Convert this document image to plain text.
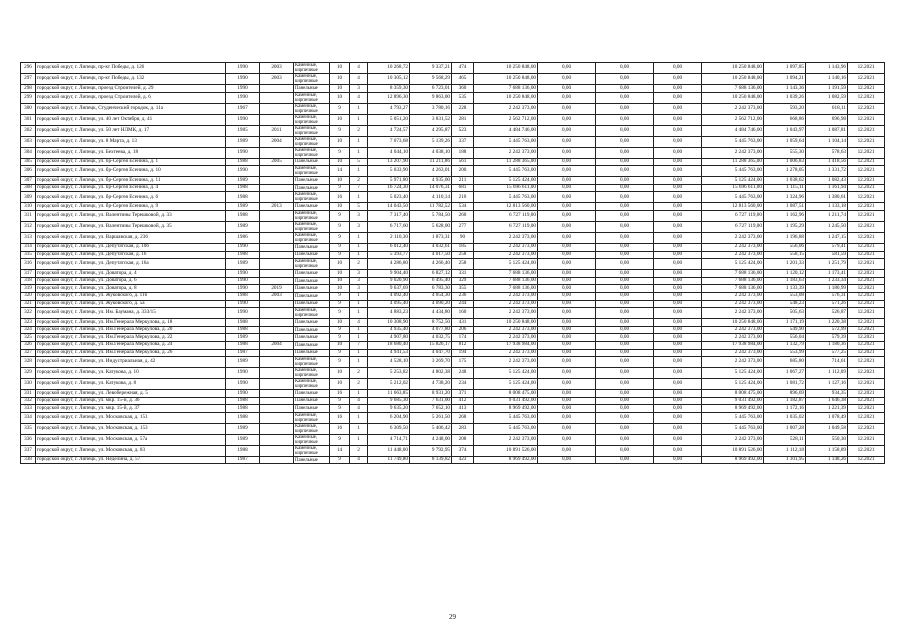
296	городской округ, г. Липецк, пр-кт Победы, д. 126	1990	2003	Каменные, кирпичные	10	4	10 268,72	9 337,21	474	10 250 848,00	0,00	0,00	0,00	10 250 848,00	1 097,85	1 143,96	12.2021
297	городской округ, г. Липецк, пр-кт Победы, д. 132	1990	2003	Каменные, кирпичные	10	4	10 305,12	9 568,29	465	10 250 848,00	0,00	0,00	0,00	10 250 848,00	1 094,21	1 140,16	12.2021
298	городской округ, г. Липецк, проезд Строителей, д. 29	1990		Панельные	10	3	8 359,30	6 723,01	360	7 688 136,00	0,00	0,00	0,00	7 688 136,00	1 143,36	1 191,59	12.2021
299	городской округ, г. Липецк, проезд Строителей, д. 6	1990		Каменные, кирпичные	10	4	12 896,30	9 863,00	535	10 250 848,00	0,00	0,00	0,00	10 250 848,00	1 039,26	1 082,59	12.2021
300	городской округ, г. Липецк, Студенческий городок, д. 11а	1967		Каменные, кирпичные	9	1	4 793,27	3 780,16	228	2 242 373,00	0,00	0,00	0,00	2 242 373,00	593,20	618,11	12.2021
301	городской округ, г. Липецк, ул. 40 лет Октября, д. 41	1990		Каменные, кирпичные	10	1	5 051,20	3 831,52	281	2 562 712,00	0,00	0,00	0,00	2 562 712,00	668,86	696,98	12.2021
302	городской округ, г. Липецк, ул. 50 лет НЛМК, д. 17	1985	2011	Каменные, кирпичные	9	2	4 724,57	4 295,87	523	4 484 746,00	0,00	0,00	0,00	4 484 746,00	1 043,97	1 087,81	12.2021
303	городской округ, г. Липецк, ул. 8 Марта, д. 13	1989	2004	Каменные, кирпичные	10	1	7 073,68	5 139,26	337	5 445 763,00	0,00	0,00	0,00	5 445 763,00	1 059,64	1 104,14	12.2021
304	городской округ, г. Липецк, ул. Бехтеева, д. 18	1990		Каменные, кирпичные	9	1	4 044,10	4 038,10	188	2 242 373,00	0,00	0,00	0,00	2 242 373,00	555,30	578,63	12.2021
305	городской округ, г. Липецк, ул. бр-Сергея Есенина, д. 1	1988	2005	Панельные	10	5	13 207,90	11 211,86	561	11 288 365,00	0,00	0,00	0,00	11 288 365,00	1 006,83	1 418,56	12.2021
306	городской округ, г. Липецк, ул. бр-Сергея Есенина, д. 10	1990		Каменные, кирпичные	14	1	5 033,90	4 263,01	200	5 445 763,00	0,00	0,00	0,00	5 445 763,00	1 278,05	1 331,72	12.2021
307	городской округ, г. Липецк, ул. бр-Сергея Есенина, д. 11	1989		Панельные	10	2	5 971,80	4 935,00	211	5 125 424,00	0,00	0,00	0,00	5 125 424,00	1 038,62	1 082,43	12.2021
308	городской округ, г. Липецк, ул. бр-Сергея Есенина, д. 4	1988		Панельные	9	7	16 724,30	14 076,31	681	15 696 611,00	0,00	0,00	0,00	15 696 611,00	1 115,11	1 161,94	12.2021
309	городской округ, г. Липецк, ул. бр-Сергея Есенина, д. 6	1988		Каменные, кирпичные	16	1	5 023,40	4 110,14	210	5 445 763,00	0,00	0,00	0,00	5 445 763,00	1 324,96	1 380,61	12.2021
310	городской округ, г. Липецк, ул. бр-Сергея Есенина, д. 9	1989	2013	Панельные	10	5	14 043,50	11 782,52	534	12 813 560,00	0,00	0,00	0,00	12 813 560,00	1 087,51	1 133,18	12.2021
311	городской округ, г. Липецк, ул. Валентины Терешковой, д. 33	1988		Каменные, кирпичные	9	3	7 317,40	5 784,50	260	6 727 119,00	0,00	0,00	0,00	6 727 119,00	1 162,96	1 211,74	12.2021
312	городской округ, г. Липецк, ул. Валентины Терешковой, д. 35	1989		Каменные, кирпичные	9	3	6 717,60	5 628,00	277	6 727 119,00	0,00	0,00	0,00	6 727 119,00	1 195,29	1 245,50	12.2021
313	городской округ, г. Липецк, ул. Варшавская, д. 236	1986		Каменные, кирпичные	9	1	2 110,30	1 873,31	90	2 242 373,00	0,00	0,00	0,00	2 242 373,00	1 196,88	1 247,15	12.2021
314	городской округ, г. Липецк, ул. Депутатская, д. 106	1990		Панельные	9	1	6 012,40	4 032,61	185	2 242 373,00	0,00	0,00	0,00	2 242 373,00	556,06	579,41	12.2021
315	городской округ, г. Липецк, ул. Депутатская, д. 16	1988		Панельные	9	1	5 393,77	4 017,50	258	2 242 373,00	0,00	0,00	0,00	2 242 373,00	558,15	581,59	12.2021
316	городской округ, г. Липецк, ул. Депутатская, д. 16а	1989		Каменные, кирпичные	10	2	4 286,80	4 266,40	258	5 125 424,00	0,00	0,00	0,00	5 125 424,00	1 201,33	1 251,79	12.2021
317	городской округ, г. Липецк, ул. Доватора, д. 4	1990		Панельные	10	3	9 904,40	6 827,12	331	7 688 136,00	0,00	0,00	0,00	7 688 136,00	1 120,12	1 173,41	12.2021
318	городской округ, г. Липецк, ул. Доватора, д. 6	1990		Панельные	10	3	9 020,90	6 495,40	329	7 688 136,00	0,00	0,00	0,00	7 688 136,00	1 183,63	1 233,34	12.2021
319	городской округ, г. Липецк, ул. Доватора, д. 8	1990	2019	Панельные	10	3	9 637,69	6 783,30	355	7 688 136,00	0,00	0,00	0,00	7 688 136,00	1 133,39	1 180,99	12.2021
320	городской округ, г. Липецк, ул. Жуковского, д. 11б	1988	2003	Панельные	9	1	4 092,40	4 054,30	236	2 242 373,00	0,00	0,00	0,00	2 242 373,00	553,08	576,31	12.2021
321	городской округ, г. Липецк, ул. Жуковского, д. 5а	1990		Панельные	9	1	4 095,40	4 090,20	244	2 242 373,00	0,00	0,00	0,00	2 242 373,00	548,23	571,26	12.2021
322	городской округ, г. Липецк, ул. Им. Баумана, д. 333/15	1990		Каменные, кирпичные	9	1	4 883,23	4 434,80	160	2 242 373,00	0,00	0,00	0,00	2 242 373,00	505,63	526,87	12.2021
323	городской округ, г. Липецк, ул. Им.Генерала Меркулова, д. 18	1988		Панельные	10	4	10 308,90	8 752,50	431	10 250 848,00	0,00	0,00	0,00	10 250 848,00	1 171,19	1 220,38	12.2021
324	городской округ, г. Липецк, ул. Им.Генерала Меркулова, д. 20	1988		Панельные	9	1	4 935,40	4 077,80	206	2 242 373,00	0,00	0,00	0,00	2 242 373,00	549,90	572,99	12.2021
325	городской округ, г. Липецк, ул. Им.Генерала Меркулова, д. 22	1989		Панельные	9	1	4 907,80	4 032,75	174	2 242 373,00	0,00	0,00	0,00	2 242 373,00	556,04	579,39	12.2021
326	городской округ, г. Липецк, ул. Им.Генерала Меркулова, д. 24	1988	2004	Панельные	10	7	18 680,40	15 826,17	812	17 938 984,00	0,00	0,00	0,00	17 938 984,00	1 132,79	1 180,36	12.2021
327	городской округ, г. Липецк, ул. Им.Генерала Меркулова, д. 26	1987		Панельные	9	1	4 941,53	4 047,70	194	2 242 373,00	0,00	0,00	0,00	2 242 373,00	553,99	577,25	12.2021
328	городской округ, г. Липецк, ул. Индустриальная, д. 42	1989		Каменные, кирпичные	9	1	4 528,10	3 269,70	175	2 242 373,00	0,00	0,00	0,00	2 242 373,00	685,80	714,61	12.2021
329	городской округ, г. Липецк, ул. Катукова, д. 10	1990		Каменные, кирпичные	10	2	5 253,82	4 802,38	248	5 125 424,00	0,00	0,00	0,00	5 125 424,00	1 067,27	1 112,09	12.2021
330	городской округ, г. Липецк, ул. Катукова, д. 8	1990		Каменные, кирпичные	10	2	5 212,02	4 738,20	234	5 125 424,00	0,00	0,00	0,00	5 125 424,00	1 081,72	1 127,16	12.2021
331	городской округ, г. Липецк, ул. Левобережная, д. 5	1990		Панельные	16	1	11 663,85	8 931,20	371	8 008 475,00	0,00	0,00	0,00	8 008 475,00	896,69	934,35	12.2021
332	городской округ, г. Липецк, ул. мкр. 15-й, д. 36	1988		Панельные	9	4	9 685,30	7 631,00	412	9 031 492,00	0,00	0,00	0,00	9 031 492,00	1 182,87	1 646,38	12.2021
333	городской округ, г. Липецк, ул. мкр. 15-й, д. 37	1988		Панельные	9	4	9 635,20	7 652,10	413	8 969 492,00	0,00	0,00	0,00	8 969 492,00	1 172,16	1 221,39	12.2021
334	городской округ, г. Липецк, ул. Московская, д. 151	1988		Каменные, кирпичные	16	1	6 204,90	5 261,50	268	5 445 763,00	0,00	0,00	0,00	5 445 763,00	1 035,02	1 078,49	12.2021
335	городской округ, г. Липецк, ул. Московская, д. 153	1989		Каменные, кирпичные	16	1	6 309,50	5 406,42	283	5 445 763,00	0,00	0,00	0,00	5 445 763,00	1 007,28	1 049,58	12.2021
336	городской округ, г. Липецк, ул. Московская, д. 57а	1989		Каменные, кирпичные	9	1	4 714,71	4 248,00	208	2 242 373,00	0,00	0,00	0,00	2 242 373,00	528,11	550,30	12.2021
337	городской округ, г. Липецк, ул. Московская, д. 83	1988		Каменные, кирпичные	14	2	11 448,00	9 792,95	374	10 891 526,00	0,00	0,00	0,00	10 891 526,00	1 112,18	1 158,89	12.2021
338	городской округ, г. Липецк, ул. Неделина, д. 57	1987		Панельные	9	4	11 749,80	8 139,82	423	8 969 492,00	0,00	0,00	0,00	8 969 492,00	1 101,95	1 148,26	12.2021
29
